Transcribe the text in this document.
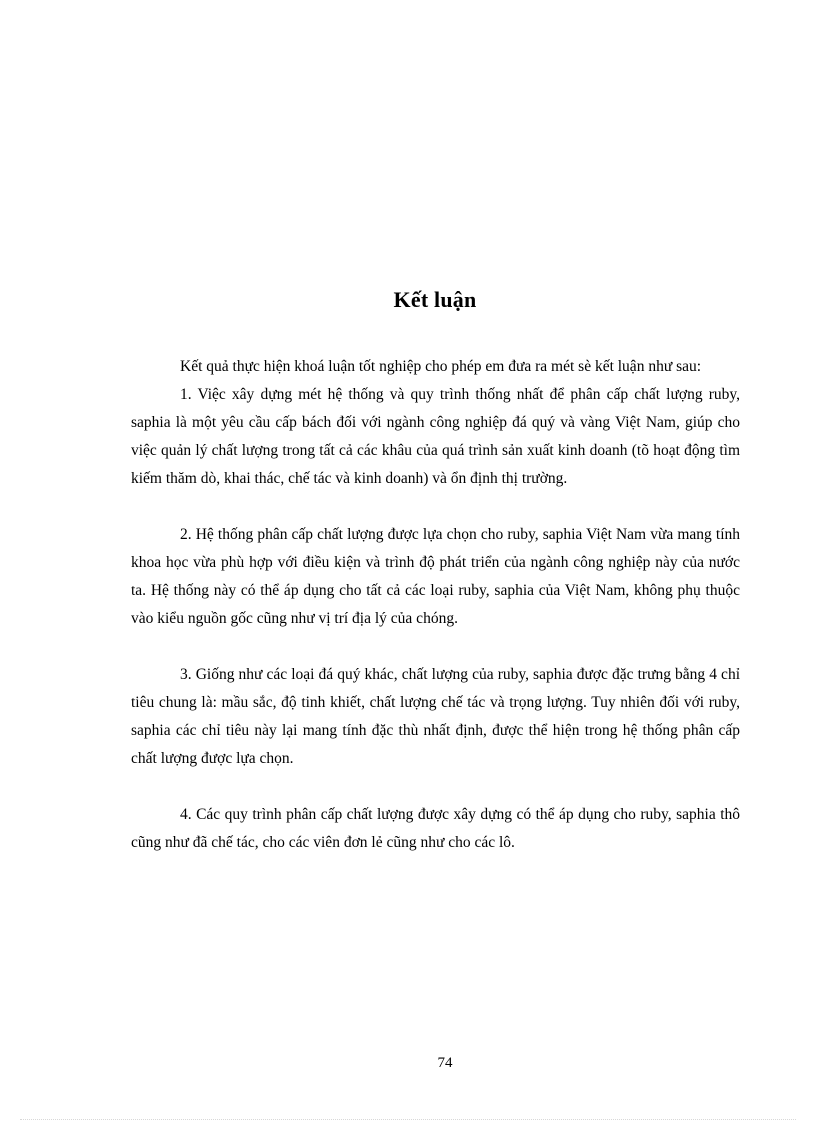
Kết luận

Kết quả thực hiện khoá luận tốt nghiệp cho phép em đưa ra mét sè kết luận như sau:

1. Việc xây dựng mét hệ thống và quy trình thống nhất để phân cấp chất lượng ruby, saphia là một yêu cầu cấp bách đối với ngành công nghiệp đá quý và vàng Việt Nam, giúp cho việc quản lý chất lượng trong tất cả các khâu của quá trình sản xuất kinh doanh (tõ hoạt động tìm kiếm thăm dò, khai thác, chế tác và kinh doanh) và ổn định thị trường.

2. Hệ thống phân cấp chất lượng được lựa chọn cho ruby, saphia Việt Nam vừa mang tính khoa học vừa phù hợp với điều kiện và trình độ phát triển của ngành công nghiệp này của nước ta. Hệ thống này có thể áp dụng cho tất cả các loại ruby, saphia của Việt Nam, không phụ thuộc vào kiểu nguồn gốc cũng như vị trí địa lý của chóng.

3. Giống như các loại đá quý khác, chất lượng của ruby, saphia được đặc trưng bằng 4 chỉ tiêu chung là: mầu sắc, độ tinh khiết, chất lượng chế tác và trọng lượng. Tuy nhiên đối với ruby, saphia các chỉ tiêu này lại mang tính đặc thù nhất định, được thể hiện trong hệ thống phân cấp chất lượng được lựa chọn.

4. Các quy trình phân cấp chất lượng được xây dựng có thể áp dụng cho ruby, saphia thô cũng như đã chế tác, cho các viên đơn lẻ cũng như cho các lô.

74
